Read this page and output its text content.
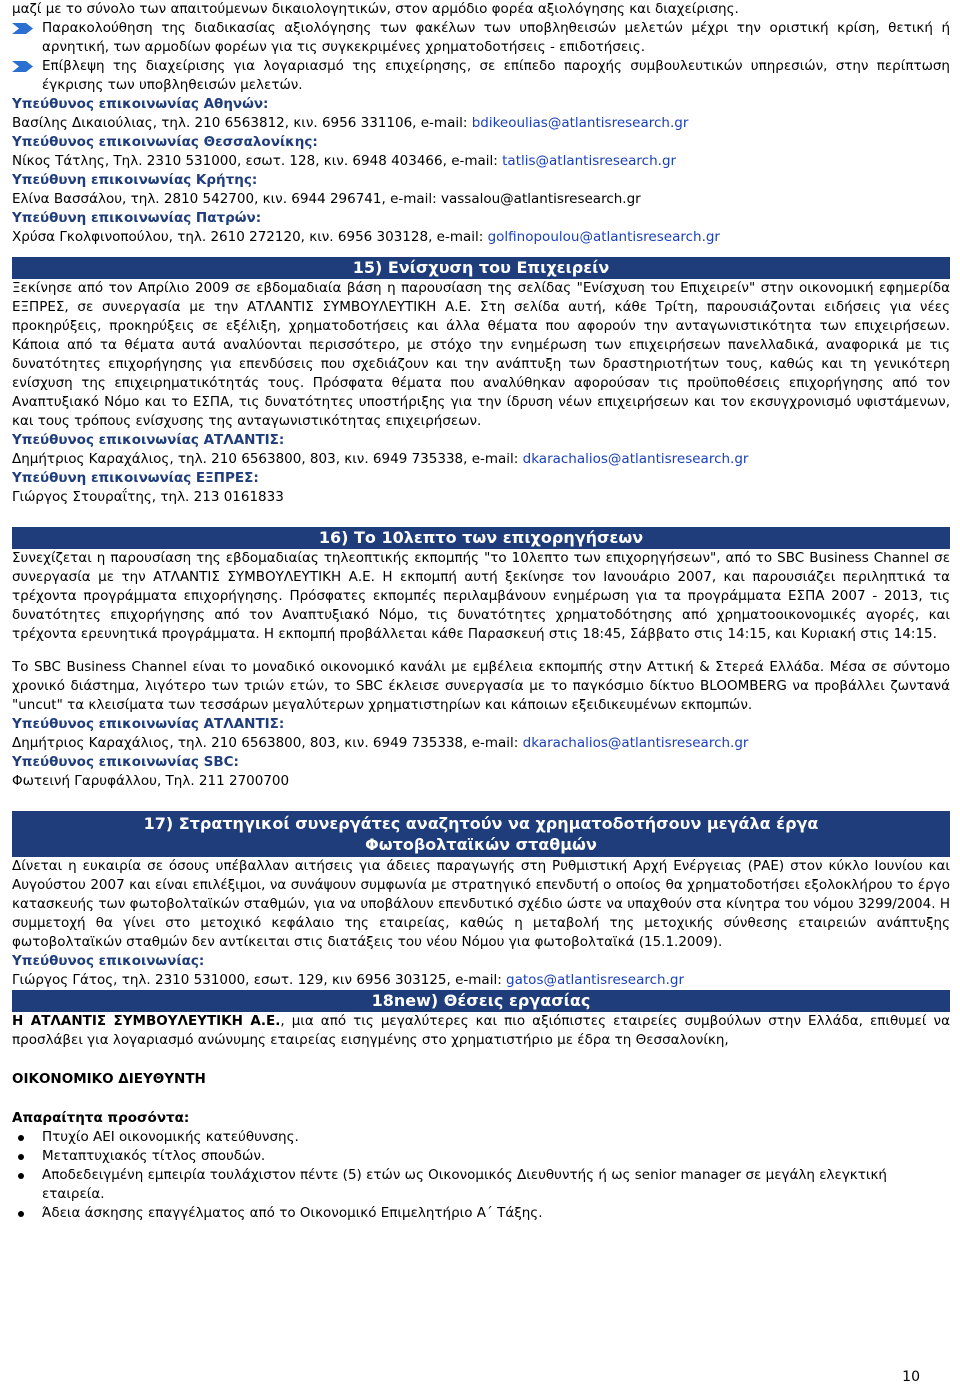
μαζί με το σύνολο των απαιτούμενων δικαιολογητικών, στον αρμόδιο φορέα αξιολόγησης και διαχείρισης.

Παρακολούθηση της διαδικασίας αξιολόγησης των φακέλων των υποβληθεισών μελετών μέχρι την οριστική κρίση, θετική ή αρνητική, των αρμοδίων φορέων για τις συγκεκριμένες χρηματοδοτήσεις - επιδοτήσεις.

Επίβλεψη της διαχείρισης για λογαριασμό της επιχείρησης, σε επίπεδο παροχής συμβουλευτικών υπηρεσιών, στην περίπτωση έγκρισης των υποβληθεισών μελετών.

Υπεύθυνος επικοινωνίας Αθηνών:

Βασίλης Δικαιούλιας, τηλ. 210 6563812, κιν. 6956 331106, e-mail: bdikeoulias@atlantisresearch.gr

Υπεύθυνος επικοινωνίας Θεσσαλονίκης:

Νίκος Τάτλης, Τηλ. 2310 531000, εσωτ. 128, κιν. 6948 403466, e-mail: tatlis@atlantisresearch.gr

Υπεύθυνη επικοινωνίας Κρήτης:

Ελίνα Βασσάλου, τηλ. 2810 542700, κιν. 6944 296741, e-mail: vassalou@atlantisresearch.gr

Υπεύθυνη επικοινωνίας Πατρών:

Χρύσα Γκολφινοπούλου, τηλ. 2610 272120, κιν. 6956 303128, e-mail: golfinopoulou@atlantisresearch.gr

15) Ενίσχυση του Επιχειρείν

Ξεκίνησε από τον Απρίλιο 2009 σε εβδομαδιαία βάση η παρουσίαση της σελίδας "Ενίσχυση του Επιχειρείν" στην οικονομική εφημερίδα ΕΞΠΡΕΣ, σε συνεργασία με την ΑΤΛΑΝΤΙΣ ΣΥΜΒΟΥΛΕΥΤΙΚΗ Α.Ε. Στη σελίδα αυτή, κάθε Τρίτη, παρουσιάζονται ειδήσεις για νέες προκηρύξεις, προκηρύξεις σε εξέλιξη, χρηματοδοτήσεις και άλλα θέματα που αφορούν την ανταγωνιστικότητα των επιχειρήσεων. Κάποια από τα θέματα αυτά αναλύονται περισσότερο, με στόχο την ενημέρωση των επιχειρήσεων πανελλαδικά, αναφορικά με τις δυνατότητες επιχορήγησης για επενδύσεις που σχεδιάζουν και την ανάπτυξη των δραστηριοτήτων τους, καθώς και τη γενικότερη ενίσχυση της επιχειρηματικότητάς τους. Πρόσφατα θέματα που αναλύθηκαν αφορούσαν τις προϋποθέσεις επιχορήγησης από τον Αναπτυξιακό Νόμο και το ΕΣΠΑ, τις δυνατότητες υποστήριξης για την ίδρυση νέων επιχειρήσεων και τον εκσυγχρονισμό υφιστάμενων, και τους τρόπους ενίσχυσης της ανταγωνιστικότητας επιχειρήσεων.

Υπεύθυνος επικοινωνίας ΑΤΛΑΝΤΙΣ:

Δημήτριος Καραχάλιος, τηλ. 210 6563800, 803, κιν. 6949 735338, e-mail: dkarachalios@atlantisresearch.gr

Υπεύθυνη επικοινωνίας ΕΞΠΡΕΣ:

Γιώργος Στουραΐτης, τηλ. 213 0161833

16) Το 10λεπτο των επιχορηγήσεων

Συνεχίζεται η παρουσίαση της εβδομαδιαίας τηλεοπτικής εκπομπής "το 10λεπτο των επιχορηγήσεων", από το SBC Business Channel σε συνεργασία με την ΑΤΛΑΝΤΙΣ ΣΥΜΒΟΥΛΕΥΤΙΚΗ Α.Ε. Η εκπομπή αυτή ξεκίνησε τον Ιανουάριο 2007, και παρουσιάζει περιληπτικά τα τρέχοντα προγράμματα επιχορήγησης. Πρόσφατες εκπομπές περιλαμβάνουν ενημέρωση για τα προγράμματα ΕΣΠΑ 2007 - 2013, τις δυνατότητες επιχορήγησης από τον Αναπτυξιακό Νόμο, τις δυνατότητες χρηματοδότησης από χρηματοοικονομικές αγορές, και τρέχοντα ερευνητικά προγράμματα. Η εκπομπή προβάλλεται κάθε Παρασκευή στις 18:45, Σάββατο στις 14:15, και Κυριακή στις 14:15.

Το SBC Business Channel είναι το μοναδικό οικονομικό κανάλι με εμβέλεια εκπομπής στην Αττική & Στερεά Ελλάδα. Μέσα σε σύντομο χρονικό διάστημα, λιγότερο των τριών ετών, το SBC έκλεισε συνεργασία με το παγκόσμιο δίκτυο BLOOMBERG να προβάλλει ζωντανά "uncut" τα κλεισίματα των τεσσάρων μεγαλύτερων χρηματιστηρίων και κάποιων εξειδικευμένων εκπομπών.

Υπεύθυνος επικοινωνίας ΑΤΛΑΝΤΙΣ:

Δημήτριος Καραχάλιος, τηλ. 210 6563800, 803, κιν. 6949 735338, e-mail: dkarachalios@atlantisresearch.gr

Υπεύθυνος επικοινωνίας SBC:

Φωτεινή Γαρυφάλλου, Τηλ. 211 2700700

17) Στρατηγικοί συνεργάτες αναζητούν να χρηματοδοτήσουν μεγάλα έργα
Φωτοβολταϊκών σταθμών

Δίνεται η ευκαιρία σε όσους υπέβαλλαν αιτήσεις για άδειες παραγωγής στη Ρυθμιστική Αρχή Ενέργειας (ΡΑΕ) στον κύκλο Ιουνίου και Αυγούστου 2007 και είναι επιλέξιμοι, να συνάψουν συμφωνία με στρατηγικό επενδυτή ο οποίος θα χρηματοδοτήσει εξολοκλήρου το έργο κατασκευής των φωτοβολταϊκών σταθμών, για να υποβάλουν επενδυτικό σχέδιο ώστε να υπαχθούν στα κίνητρα του νόμου 3299/2004. Η συμμετοχή θα γίνει στο μετοχικό κεφάλαιο της εταιρείας, καθώς η μεταβολή της μετοχικής σύνθεσης εταιρειών ανάπτυξης φωτοβολταϊκών σταθμών δεν αντίκειται στις διατάξεις του νέου Νόμου για φωτοβολταϊκά (15.1.2009).

Υπεύθυνος επικοινωνίας:

Γιώργος Γάτος, τηλ. 2310 531000, εσωτ. 129, κιν 6956 303125, e-mail: gatos@atlantisresearch.gr

18new) Θέσεις εργασίας

Η ΑΤΛΑΝΤΙΣ ΣΥΜΒΟΥΛΕΥΤΙΚΗ Α.Ε., μια από τις μεγαλύτερες και πιο αξιόπιστες εταιρείες συμβούλων στην Ελλάδα, επιθυμεί να προσλάβει για λογαριασμό ανώνυμης εταιρείας εισηγμένης στο χρηματιστήριο με έδρα τη Θεσσαλονίκη,

ΟΙΚΟΝΟΜΙΚΟ ΔΙΕΥΘΥΝΤΗ

Απαραίτητα προσόντα:

Πτυχίο ΑΕΙ οικονομικής κατεύθυνσης.
Μεταπτυχιακός τίτλος σπουδών.
Αποδεδειγμένη εμπειρία τουλάχιστον πέντε (5) ετών ως Οικονομικός Διευθυντής ή ως senior manager σε μεγάλη ελεγκτική εταιρεία.
Άδεια άσκησης επαγγέλματος από το Οικονομικό Επιμελητήριο Α΄ Τάξης.
10
